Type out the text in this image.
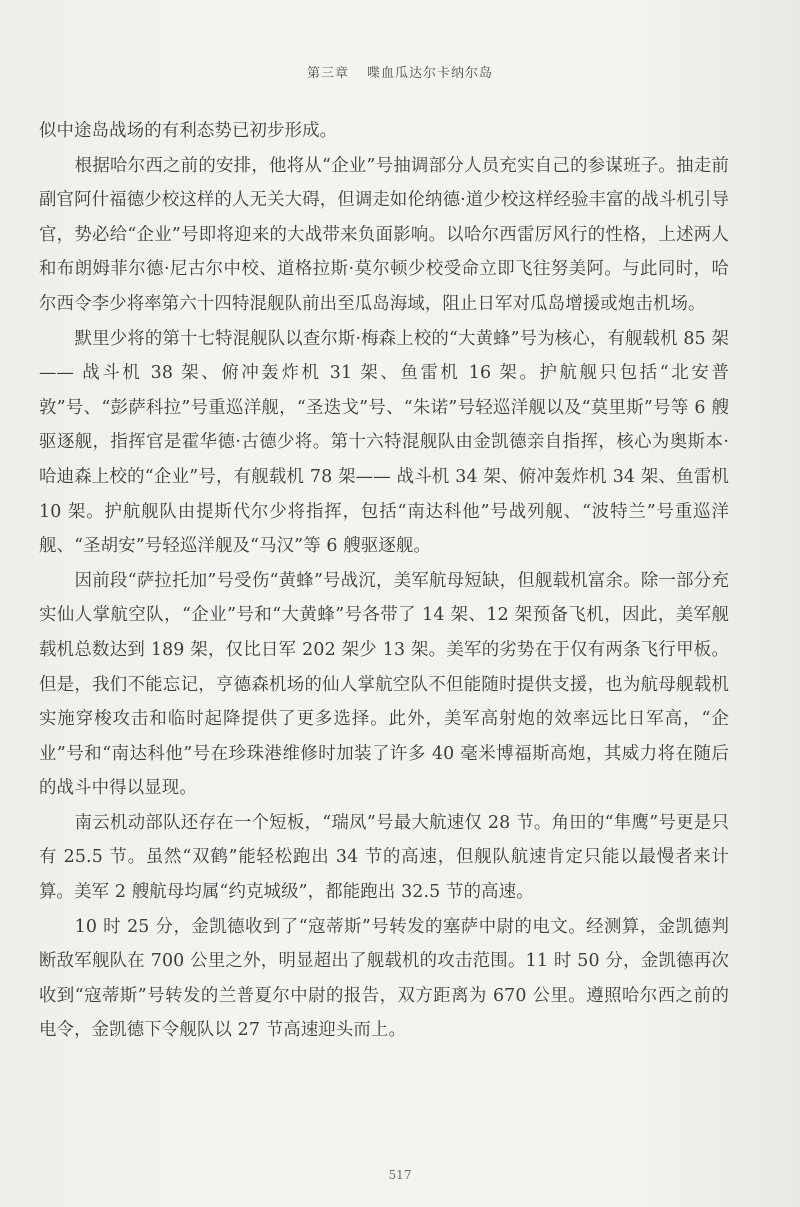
第三章 喋血瓜达尔卡纳尔岛

似中途岛战场的有利态势已初步形成。

根据哈尔西之前的安排，他将从“企业”号抽调部分人员充实自己的参谋班子。抽走前副官阿什福德少校这样的人无关大碍，但调走如伦纳德·道少校这样经验丰富的战斗机引导官，势必给“企业”号即将迎来的大战带来负面影响。以哈尔西雷厉风行的性格，上述两人和布朗姆菲尔德·尼古尔中校、道格拉斯·莫尔顿少校受命立即飞往努美阿。与此同时，哈尔西令李少将率第六十四特混舰队前出至瓜岛海域，阻止日军对瓜岛增援或炮击机场。

默里少将的第十七特混舰队以查尔斯·梅森上校的“大黄蜂”号为核心，有舰载机 85 架—— 战斗机 38 架、俯冲轰炸机 31 架、鱼雷机 16 架。护航舰只包括“北安普敦”号、“彭萨科拉”号重巡洋舰，“圣迭戈”号、“朱诺”号轻巡洋舰以及“莫里斯”号等 6 艘驱逐舰，指挥官是霍华德·古德少将。第十六特混舰队由金凯德亲自指挥，核心为奥斯本·哈迪森上校的“企业”号，有舰载机 78 架—— 战斗机 34 架、俯冲轰炸机 34 架、鱼雷机 10 架。护航舰队由提斯代尔少将指挥，包括“南达科他”号战列舰、“波特兰”号重巡洋舰、“圣胡安”号轻巡洋舰及“马汉”等 6 艘驱逐舰。

因前段“萨拉托加”号受伤“黄蜂”号战沉，美军航母短缺，但舰载机富余。除一部分充实仙人掌航空队，“企业”号和“大黄蜂”号各带了 14 架、12 架预备飞机，因此，美军舰载机总数达到 189 架，仅比日军 202 架少 13 架。美军的劣势在于仅有两条飞行甲板。但是，我们不能忘记，亨德森机场的仙人掌航空队不但能随时提供支援，也为航母舰载机实施穿梭攻击和临时起降提供了更多选择。此外，美军高射炮的效率远比日军高，“企业”号和“南达科他”号在珍珠港维修时加装了许多 40 毫米博福斯高炮，其威力将在随后的战斗中得以显现。

南云机动部队还存在一个短板，“瑞凤”号最大航速仅 28 节。角田的“隼鹰”号更是只有 25.5 节。虽然“双鹤”能轻松跑出 34 节的高速，但舰队航速肯定只能以最慢者来计算。美军 2 艘航母均属“约克城级”，都能跑出 32.5 节的高速。

10 时 25 分，金凯德收到了“寇蒂斯”号转发的塞萨中尉的电文。经测算，金凯德判断敌军舰队在 700 公里之外，明显超出了舰载机的攻击范围。11 时 50 分，金凯德再次收到“寇蒂斯”号转发的兰普夏尔中尉的报告，双方距离为 670 公里。遵照哈尔西之前的电令，金凯德下令舰队以 27 节高速迎头而上。

517
